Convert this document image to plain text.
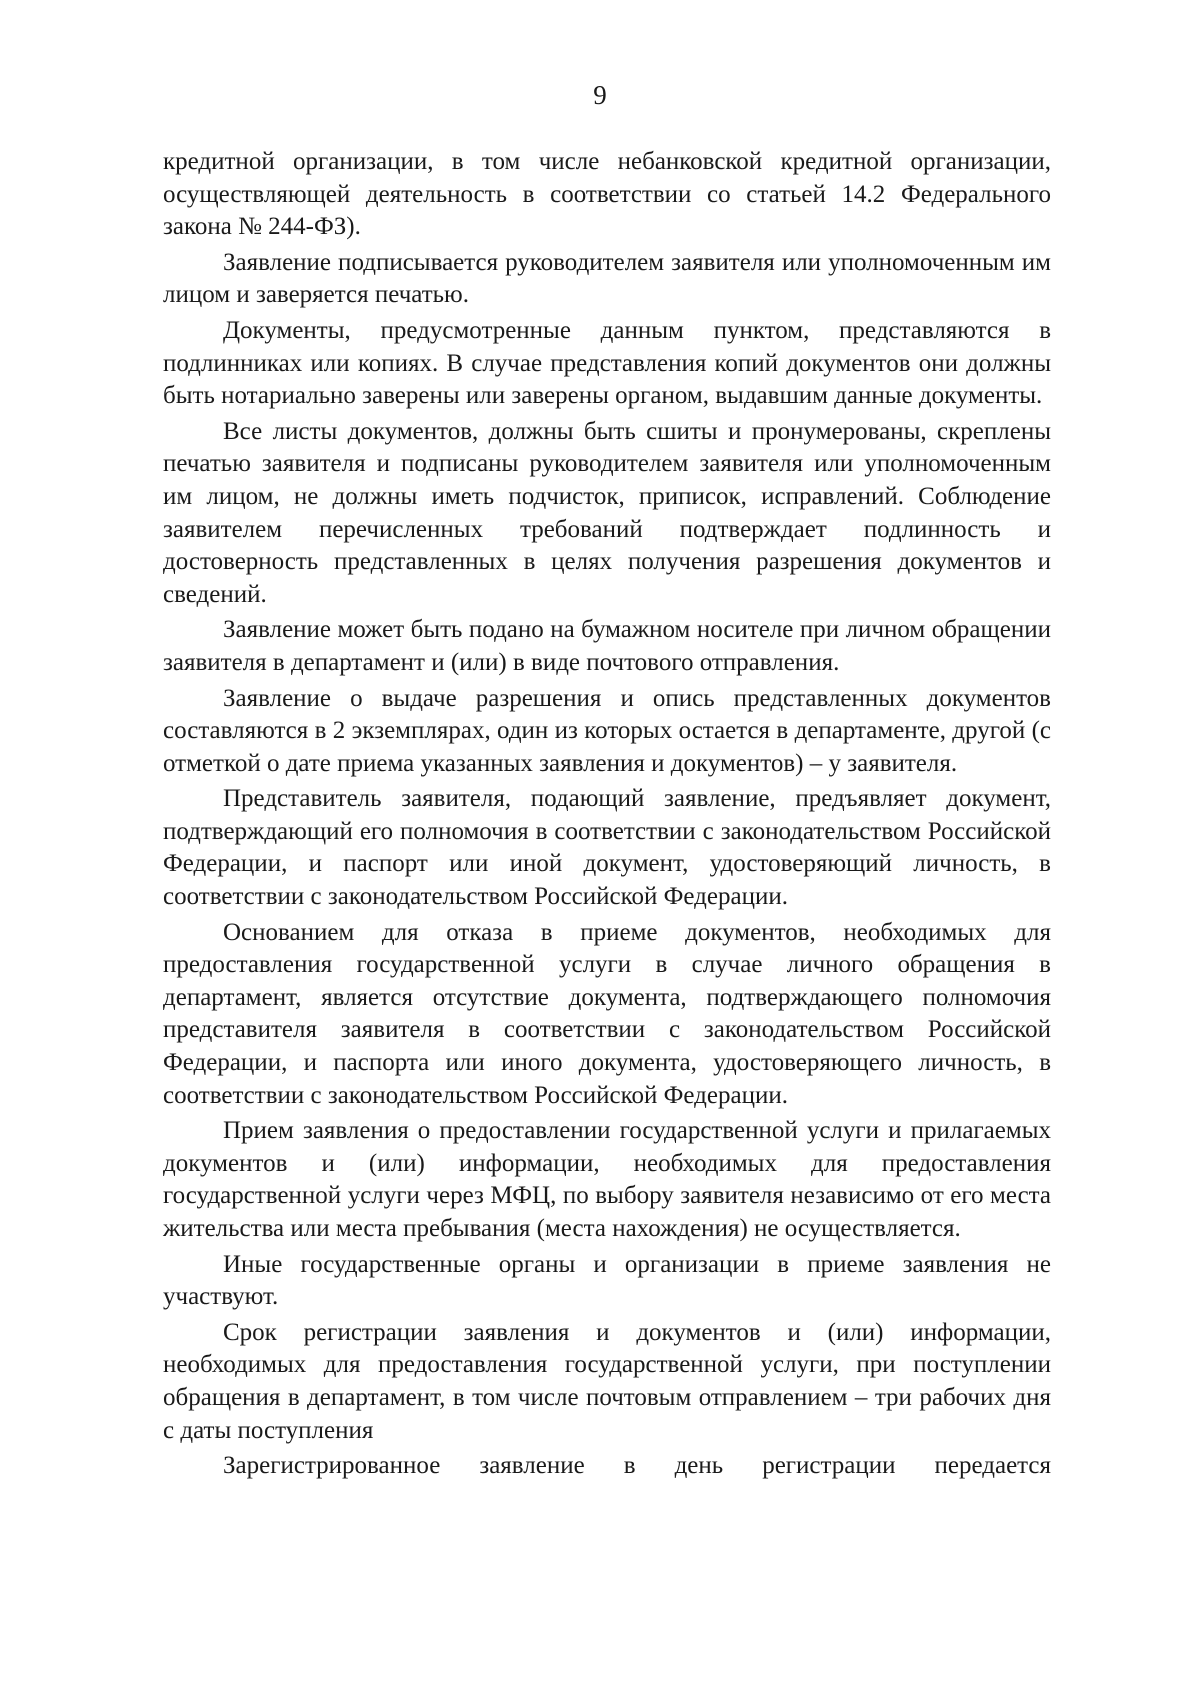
9

кредитной организации, в том числе небанковской кредитной организации, осуществляющей деятельность в соответствии со статьей 14.2 Федерального закона № 244-ФЗ).

Заявление подписывается руководителем заявителя или уполномоченным им лицом и заверяется печатью.

Документы, предусмотренные данным пунктом, представляются в подлинниках или копиях. В случае представления копий документов они должны быть нотариально заверены или заверены органом, выдавшим данные документы.

Все листы документов, должны быть сшиты и пронумерованы, скреплены печатью заявителя и подписаны руководителем заявителя или уполномоченным им лицом, не должны иметь подчисток, приписок, исправлений. Соблюдение заявителем перечисленных требований подтверждает подлинность и достоверность представленных в целях получения разрешения документов и сведений.

Заявление может быть подано на бумажном носителе при личном обращении заявителя в департамент и (или) в виде почтового отправления.

Заявление о выдаче разрешения и опись представленных документов составляются в 2 экземплярах, один из которых остается в департаменте, другой (с отметкой о дате приема указанных заявления и документов) – у заявителя.

Представитель заявителя, подающий заявление, предъявляет документ, подтверждающий его полномочия в соответствии с законодательством Российской Федерации, и паспорт или иной документ, удостоверяющий личность, в соответствии с законодательством Российской Федерации.

Основанием для отказа в приеме документов, необходимых для предоставления государственной услуги в случае личного обращения в департамент, является отсутствие документа, подтверждающего полномочия представителя заявителя в соответствии с законодательством Российской Федерации, и паспорта или иного документа, удостоверяющего личность, в соответствии с законодательством Российской Федерации.

Прием заявления о предоставлении государственной услуги и прилагаемых документов и (или) информации, необходимых для предоставления государственной услуги через МФЦ, по выбору заявителя независимо от его места жительства или места пребывания (места нахождения) не осуществляется.

Иные государственные органы и организации в приеме заявления не участвуют.

Срок регистрации заявления и документов и (или) информации, необходимых для предоставления государственной услуги, при поступлении обращения в департамент, в том числе почтовым отправлением – три рабочих дня с даты поступления

Зарегистрированное заявление в день регистрации передается
